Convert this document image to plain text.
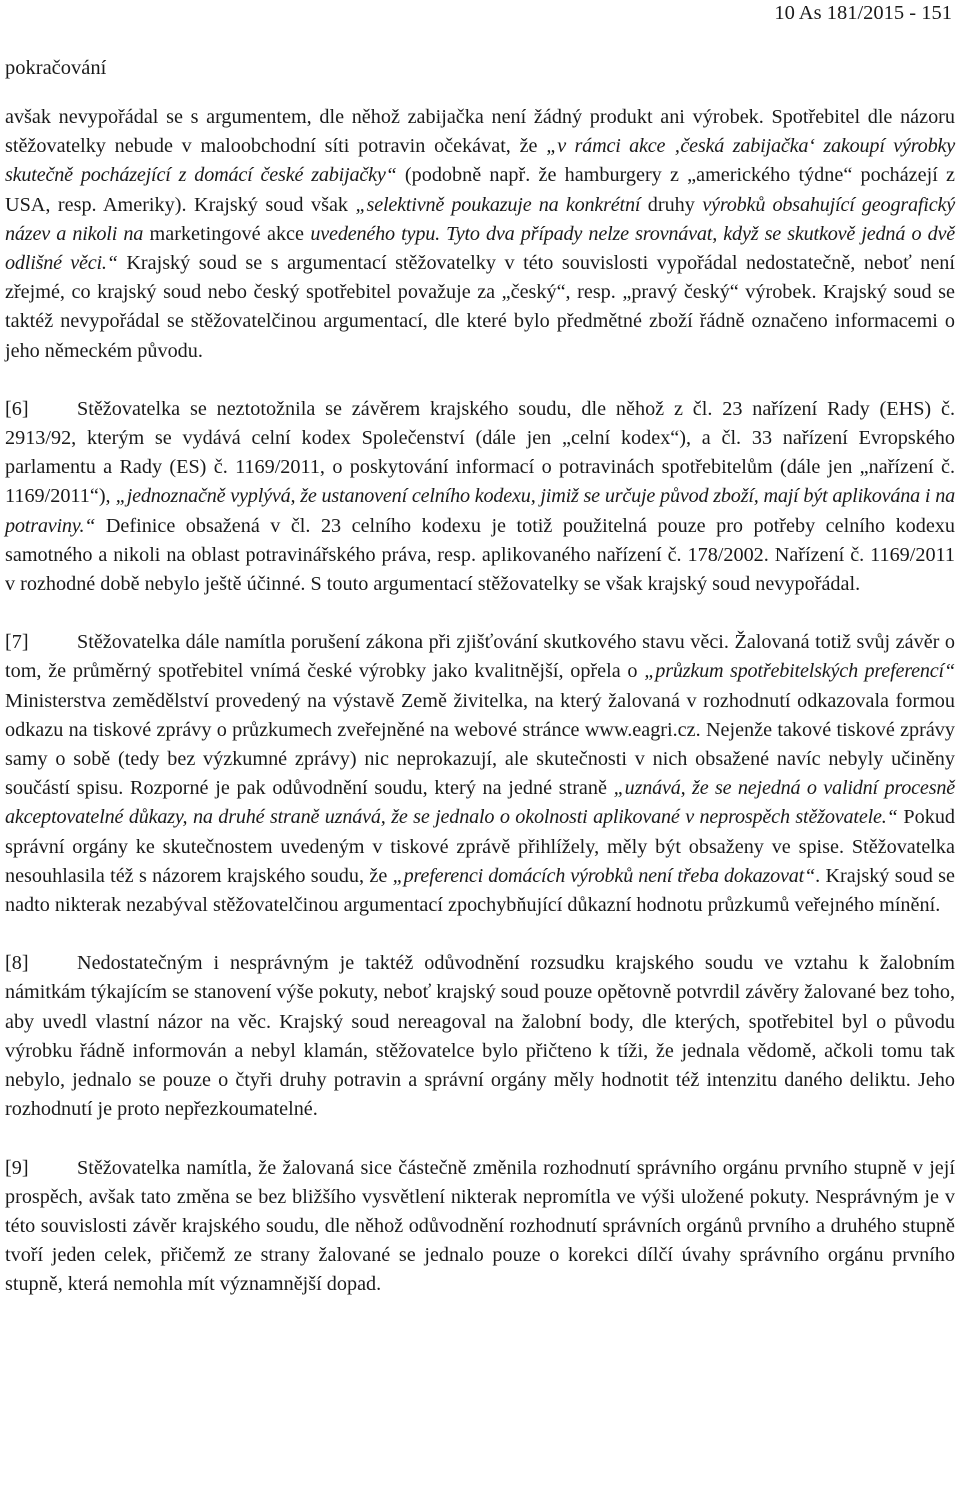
10 As 181/2015 - 151
pokračování

avšak nevypořádal se s argumentem, dle něhož zabijačka není žádný produkt ani výrobek. Spotřebitel dle názoru stěžovatelky nebude v maloobchodní síti potravin očekávat, že „v rámci akce ‚česká zabijačka‘ zakoupí výrobky skutečně pocházející z domácí české zabijačky“ (podobně např. že hamburgery z „amerického týdne“ pocházejí z USA, resp. Ameriky). Krajský soud však „selektivně poukazuje na konkrétní druhy výrobků obsahující geografický název a nikoli na marketingové akce uvedeného typu. Tyto dva případy nelze srovnávat, když se skutkově jedná o dvě odlišné věci.“ Krajský soud se s argumentací stěžovatelky v této souvislosti vypořádal nedostatečně, neboť není zřejmé, co krajský soud nebo český spotřebitel považuje za „český“, resp. „pravý český“ výrobek. Krajský soud se taktéž nevypořádal se stěžovatelčinou argumentací, dle které bylo předmětné zboží řádně označeno informacemi o jeho německém původu.

[6] Stěžovatelka se neztotožnila se závěrem krajského soudu, dle něhož z čl. 23 nařízení Rady (EHS) č. 2913/92, kterým se vydává celní kodex Společenství (dále jen „celní kodex“), a čl. 33 nařízení Evropského parlamentu a Rady (ES) č. 1169/2011, o poskytování informací o potravinách spotřebitelům (dále jen „nařízení č. 1169/2011“), „jednoznačně vyplývá, že ustanovení celního kodexu, jimiž se určuje původ zboží, mají být aplikována i na potraviny.“ Definice obsažená v čl. 23 celního kodexu je totiž použitelná pouze pro potřeby celního kodexu samotného a nikoli na oblast potravinářského práva, resp. aplikovaného nařízení č. 178/2002. Nařízení č. 1169/2011 v rozhodné době nebylo ještě účinné. S touto argumentací stěžovatelky se však krajský soud nevypořádal.

[7] Stěžovatelka dále namítla porušení zákona při zjišťování skutkového stavu věci. Žalovaná totiž svůj závěr o tom, že průměrný spotřebitel vnímá české výrobky jako kvalitnější, opřela o „průzkum spotřebitelských preferencí“ Ministerstva zemědělství provedený na výstavě Země živitelka, na který žalovaná v rozhodnutí odkazovala formou odkazu na tiskové zprávy o průzkumech zveřejněné na webové stránce www.eagri.cz. Nejenže takové tiskové zprávy samy o sobě (tedy bez výzkumné zprávy) nic neprokazují, ale skutečnosti v nich obsažené navíc nebyly učiněny součástí spisu. Rozporné je pak odůvodnění soudu, který na jedné straně „uznává, že se nejedná o validní procesně akceptovatelné důkazy, na druhé straně uznává, že se jednalo o okolnosti aplikované v neprospěch stěžovatele.“ Pokud správní orgány ke skutečnostem uvedeným v tiskové zprávě přihlížely, měly být obsaženy ve spise. Stěžovatelka nesouhlasila též s názorem krajského soudu, že „preferenci domácích výrobků není třeba dokazovat“. Krajský soud se nadto nikterak nezabýval stěžovatelčinou argumentací zpochybňující důkazní hodnotu průzkumů veřejného mínění.

[8] Nedostatečným i nesprávným je taktéž odůvodnění rozsudku krajského soudu ve vztahu k žalobním námitkám týkajícím se stanovení výše pokuty, neboť krajský soud pouze opětovně potvrdil závěry žalované bez toho, aby uvedl vlastní názor na věc. Krajský soud nereagoval na žalobní body, dle kterých, spotřebitel byl o původu výrobku řádně informován a nebyl klamán, stěžovatelce bylo přičteno k tíži, že jednala vědomě, ačkoli tomu tak nebylo, jednalo se pouze o čtyři druhy potravin a správní orgány měly hodnotit též intenzitu daného deliktu. Jeho rozhodnutí je proto nepřezkoumatelné.

[9] Stěžovatelka namítla, že žalovaná sice částečně změnila rozhodnutí správního orgánu prvního stupně v její prospěch, avšak tato změna se bez bližšího vysvětlení nikterak nepromítla ve výši uložené pokuty. Nesprávným je v této souvislosti závěr krajského soudu, dle něhož odůvodnění rozhodnutí správních orgánů prvního a druhého stupně tvoří jeden celek, přičemž ze strany žalované se jednalo pouze o korekci dílčí úvahy správního orgánu prvního stupně, která nemohla mít významnější dopad.
